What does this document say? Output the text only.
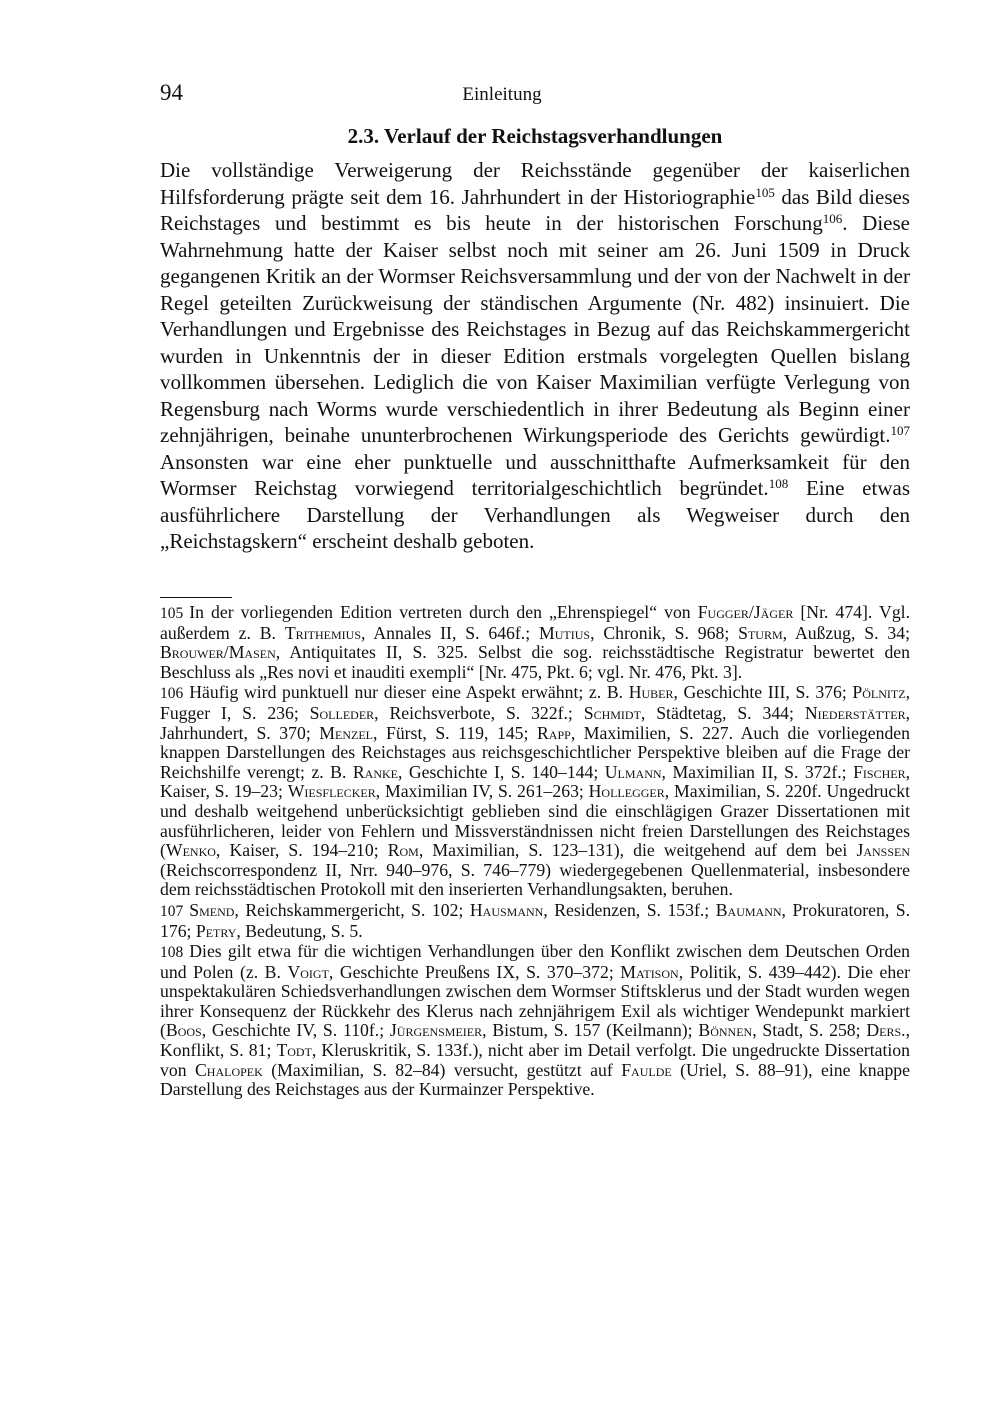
94	Einleitung
2.3. Verlauf der Reichstagsverhandlungen

Die vollständige Verweigerung der Reichsstände gegenüber der kaiserlichen Hilfsforderung prägte seit dem 16. Jahrhundert in der Historiographie$^{105}$ das Bild dieses Reichstages und bestimmt es bis heute in der historischen Forschung$^{106}$. Diese Wahrnehmung hatte der Kaiser selbst noch mit seiner am 26. Juni 1509 in Druck gegangenen Kritik an der Wormser Reichsversammlung und der von der Nachwelt in der Regel geteilten Zurückweisung der ständischen Argumente (Nr. 482) insinuiert. Die Verhandlungen und Ergebnisse des Reichstages in Bezug auf das Reichskammergericht wurden in Unkenntnis der in dieser Edition erstmals vorgelegten Quellen bislang vollkommen übersehen. Lediglich die von Kaiser Maximilian verfügte Verlegung von Regensburg nach Worms wurde verschiedentlich in ihrer Bedeutung als Beginn einer zehnjährigen, beinahe ununterbrochenen Wirkungsperiode des Gerichts gewürdigt.$^{107}$ Ansonsten war eine eher punktuelle und ausschnitthafte Aufmerksamkeit für den Wormser Reichstag vorwiegend territorialgeschichtlich begründet.$^{108}$ Eine etwas ausführlichere Darstellung der Verhandlungen als Wegweiser durch den „Reichstagskern“ erscheint deshalb geboten.

105 In der vorliegenden Edition vertreten durch den „Ehrenspiegel“ von Fugger/Jäger [Nr. 474]. Vgl. außerdem z. B. Trithemius, Annales II, S. 646f.; Mutius, Chronik, S. 968; Sturm, Außzug, S. 34; Brouwer/Masen, Antiquitates II, S. 325. Selbst die sog. reichsstädtische Registratur bewertet den Beschluss als „Res novi et inauditi exempli“ [Nr. 475, Pkt. 6; vgl. Nr. 476, Pkt. 3].

106 Häufig wird punktuell nur dieser eine Aspekt erwähnt; z. B. Huber, Geschichte III, S. 376; Pölnitz, Fugger I, S. 236; Solleder, Reichsverbote, S. 322f.; Schmidt, Städtetag, S. 344; Niederstätter, Jahrhundert, S. 370; Menzel, Fürst, S. 119, 145; Rapp, Maximilien, S. 227. Auch die vorliegenden knappen Darstellungen des Reichstages aus reichsgeschichtlicher Perspektive bleiben auf die Frage der Reichshilfe verengt; z. B. Ranke, Geschichte I, S. 140–144; Ulmann, Maximilian II, S. 372f.; Fischer, Kaiser, S. 19–23; Wiesflecker, Maximilian IV, S. 261–263; Hollegger, Maximilian, S. 220f. Ungedruckt und deshalb weitgehend unberücksichtigt geblieben sind die einschlägigen Grazer Dissertationen mit ausführlicheren, leider von Fehlern und Missverständnissen nicht freien Darstellungen des Reichstages (Wenko, Kaiser, S. 194–210; Rom, Maximilian, S. 123–131), die weitgehend auf dem bei Janssen (Reichscorrespondenz II, Nrr. 940–976, S. 746–779) wiedergegebenen Quellenmaterial, insbesondere dem reichsstädtischen Protokoll mit den inserierten Verhandlungsakten, beruhen.

107 Smend, Reichskammergericht, S. 102; Hausmann, Residenzen, S. 153f.; Baumann, Prokuratoren, S. 176; Petry, Bedeutung, S. 5.

108 Dies gilt etwa für die wichtigen Verhandlungen über den Konflikt zwischen dem Deutschen Orden und Polen (z. B. Voigt, Geschichte Preußens IX, S. 370–372; Matison, Politik, S. 439–442). Die eher unspektakulären Schiedsverhandlungen zwischen dem Wormser Stiftsklerus und der Stadt wurden wegen ihrer Konsequenz der Rückkehr des Klerus nach zehnjährigem Exil als wichtiger Wendepunkt markiert (Boos, Geschichte IV, S. 110f.; Jürgensmeier, Bistum, S. 157 (Keilmann); Bönnen, Stadt, S. 258; Ders., Konflikt, S. 81; Todt, Kleruskritik, S. 133f.), nicht aber im Detail verfolgt. Die ungedruckte Dissertation von Chalopek (Maximilian, S. 82–84) versucht, gestützt auf Faulde (Uriel, S. 88–91), eine knappe Darstellung des Reichstages aus der Kurmainzer Perspektive.
